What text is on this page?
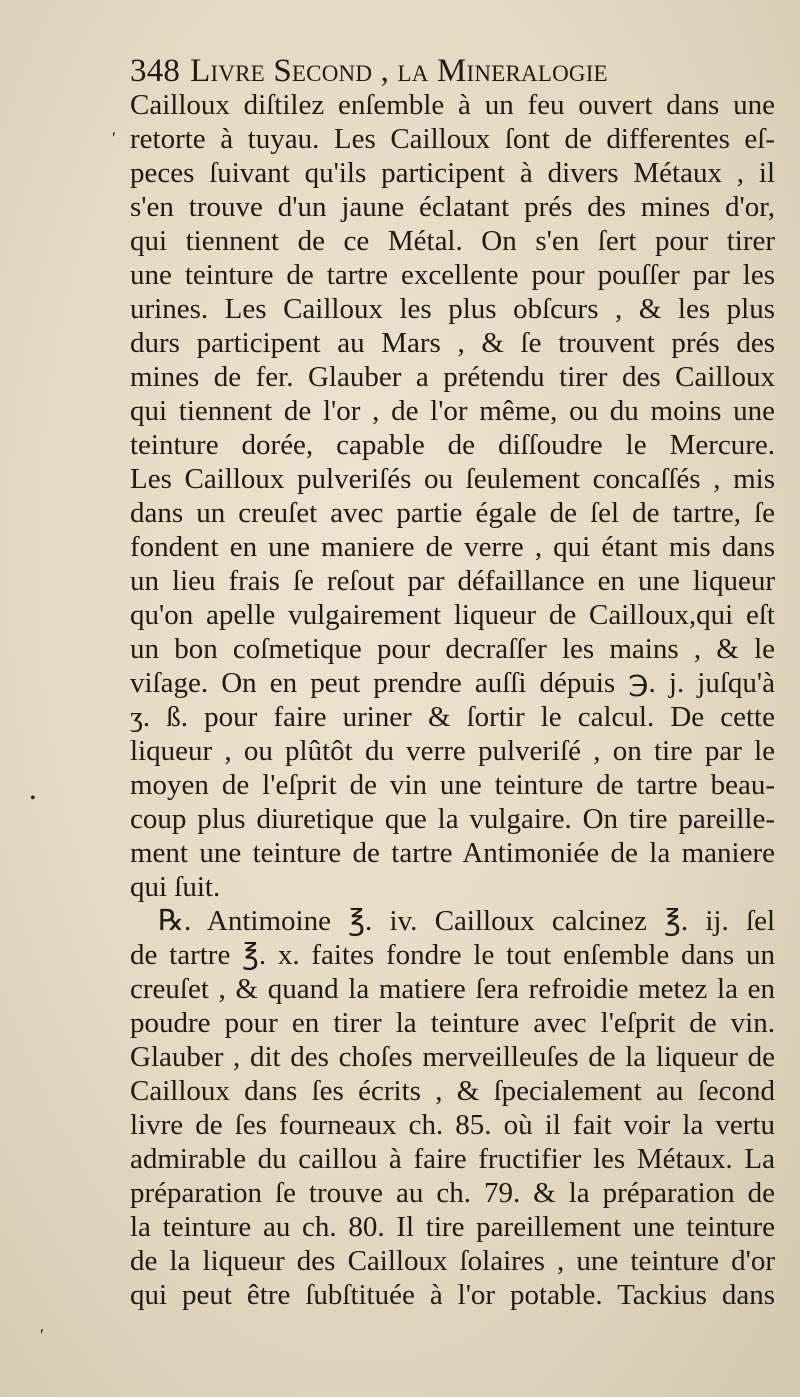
348 Livre Second , la Mineralogie
Cailloux diſtilez enſemble à un feu ouvert dans une
retorte à tuyau. Les Cailloux ſont de differentes eſ-
peces ſuivant qu'ils participent à divers Métaux , il
s'en trouve d'un jaune éclatant prés des mines d'or,
qui tiennent de ce Métal. On s'en ſert pour tirer
une teinture de tartre excellente pour pouſſer par les
urines. Les Cailloux les plus obſcurs , & les plus
durs participent au Mars , & ſe trouvent prés des
mines de fer. Glauber a prétendu tirer des Cailloux
qui tiennent de l'or , de l'or même, ou du moins une
teinture dorée, capable de diſſoudre le Mercure.
Les Cailloux pulveriſés ou ſeulement concaſſés , mis
dans un creuſet avec partie égale de ſel de tartre, ſe
fondent en une maniere de verre , qui étant mis dans
un lieu frais ſe reſout par défaillance en une liqueur
qu'on apelle vulgairement liqueur de Cailloux,qui eſt
un bon coſmetique pour decraſſer les mains , & le
viſage. On en peut prendre auſſi dépuis ℈. j. juſqu'à
ʒ. ß. pour faire uriner & ſortir le calcul. De cette
liqueur , ou plûtôt du verre pulveriſé , on tire par le
moyen de l'eſprit de vin une teinture de tartre beau-
coup plus diuretique que la vulgaire. On tire pareille-
ment une teinture de tartre Antimoniée de la maniere
qui ſuit.
℞. Antimoine ℥. iv. Cailloux calcinez ℥. ij. ſel
de tartre ℥. x. faites fondre le tout enſemble dans un
creuſet , & quand la matiere ſera refroidie metez la en
poudre pour en tirer la teinture avec l'eſprit de vin.
Glauber , dit des choſes merveilleuſes de la liqueur de
Cailloux dans ſes écrits , & ſpecialement au ſecond
livre de ſes fourneaux ch. 85. où il fait voir la vertu
admirable du caillou à faire fructifier les Métaux. La
préparation ſe trouve au ch. 79. & la préparation de
la teinture au ch. 80. Il tire pareillement une teinture
de la liqueur des Cailloux ſolaires , une teinture d'or
qui peut être ſubſtituée à l'or potable. Tackius dans
ʹ
•
ʹ
